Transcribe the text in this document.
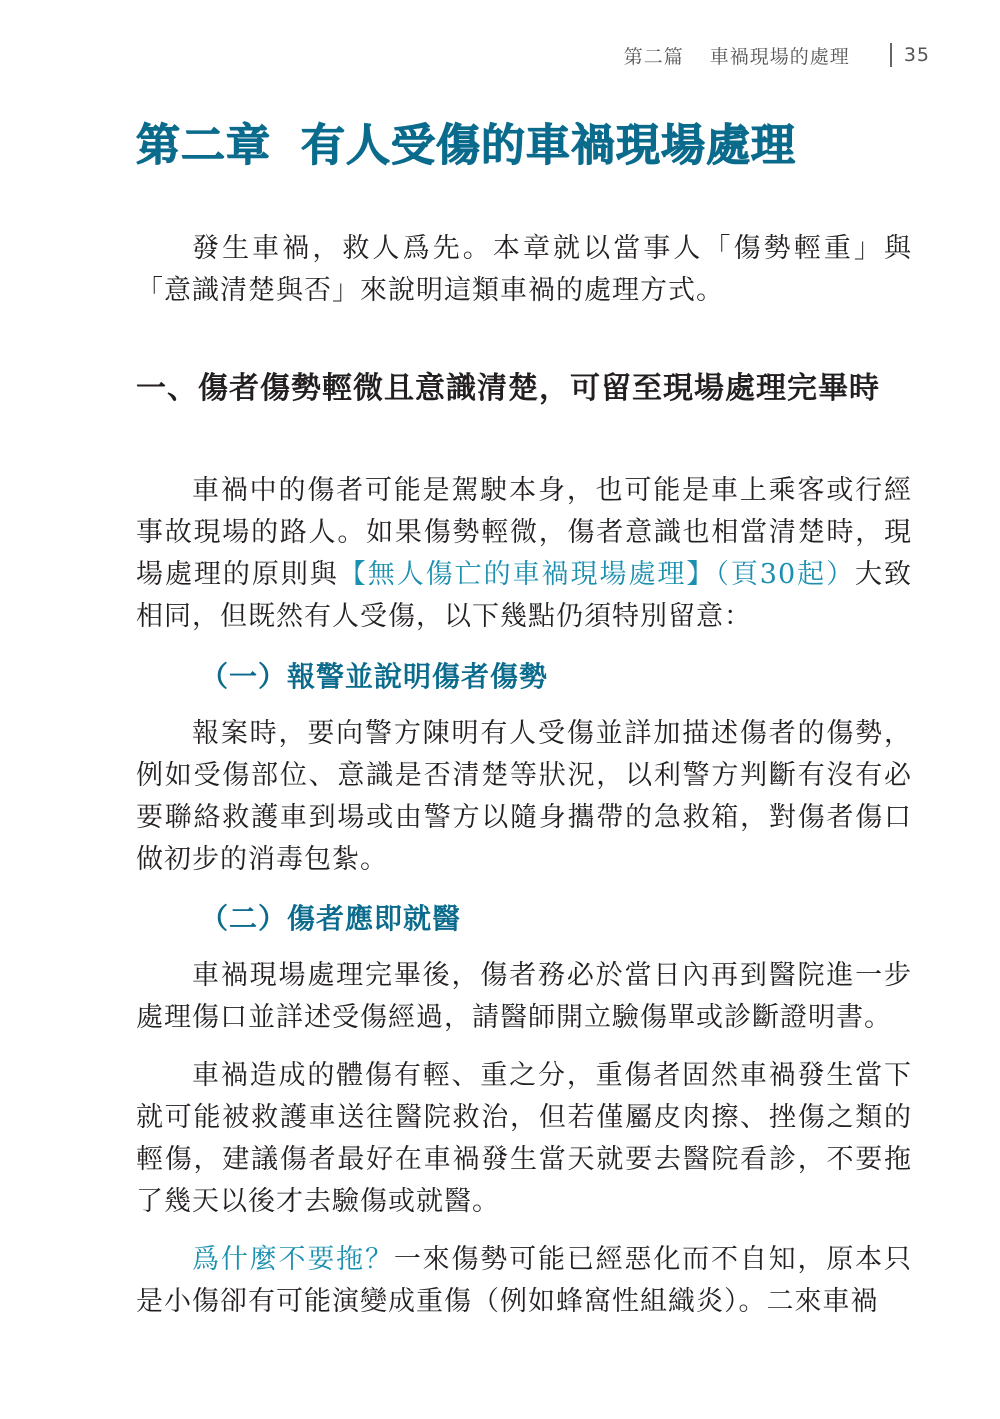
第二篇 車禍現場的處理	35
第二章 有人受傷的車禍現場處理

發生車禍，救人爲先。本章就以當事人「傷勢輕重」與「意識清楚與否」來說明這類車禍的處理方式。

一、傷者傷勢輕微且意識清楚，可留至現場處理完畢時

車禍中的傷者可能是駕駛本身，也可能是車上乘客或行經事故現場的路人。如果傷勢輕微，傷者意識也相當清楚時，現場處理的原則與【無人傷亡的車禍現場處理】（頁30起）大致相同，但既然有人受傷，以下幾點仍須特別留意：

（一）報警並說明傷者傷勢

報案時，要向警方陳明有人受傷並詳加描述傷者的傷勢，例如受傷部位、意識是否清楚等狀況，以利警方判斷有沒有必要聯絡救護車到場或由警方以隨身攜帶的急救箱，對傷者傷口做初步的消毒包紮。

（二）傷者應即就醫

車禍現場處理完畢後，傷者務必於當日內再到醫院進一步處理傷口並詳述受傷經過，請醫師開立驗傷單或診斷證明書。

車禍造成的體傷有輕、重之分，重傷者固然車禍發生當下就可能被救護車送往醫院救治，但若僅屬皮肉擦、挫傷之類的輕傷，建議傷者最好在車禍發生當天就要去醫院看診，不要拖了幾天以後才去驗傷或就醫。

爲什麼不要拖？一來傷勢可能已經惡化而不自知，原本只是小傷卻有可能演變成重傷（例如蜂窩性組織炎）。二來車禍
